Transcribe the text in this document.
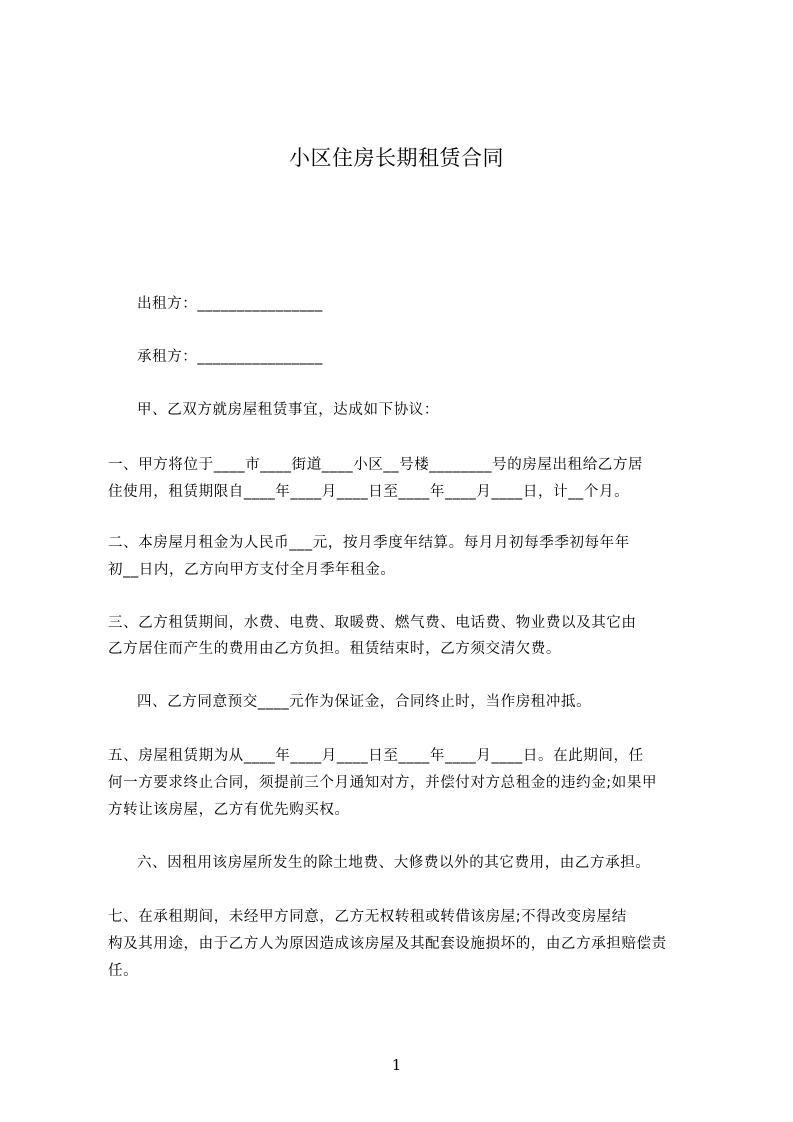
小区住房长期租赁合同
出租方：________________
承租方：________________
甲、乙双方就房屋租赁事宜，达成如下协议：
一、甲方将位于____市____街道____小区__号楼________号的房屋出租给乙方居
住使用，租赁期限自____年____月____日至____年____月____日，计__个月。
二、本房屋月租金为人民币___元，按月季度年结算。每月月初每季季初每年年
初__日内，乙方向甲方支付全月季年租金。
三、乙方租赁期间，水费、电费、取暖费、燃气费、电话费、物业费以及其它由
乙方居住而产生的费用由乙方负担。租赁结束时，乙方须交清欠费。
四、乙方同意预交____元作为保证金，合同终止时，当作房租冲抵。
五、房屋租赁期为从____年____月____日至____年____月____日。在此期间，任
何一方要求终止合同，须提前三个月通知对方，并偿付对方总租金的违约金;如果甲
方转让该房屋，乙方有优先购买权。
六、因租用该房屋所发生的除土地费、大修费以外的其它费用，由乙方承担。
七、在承租期间，未经甲方同意，乙方无权转租或转借该房屋;不得改变房屋结
构及其用途，由于乙方人为原因造成该房屋及其配套设施损坏的，由乙方承担赔偿责
任。
1
